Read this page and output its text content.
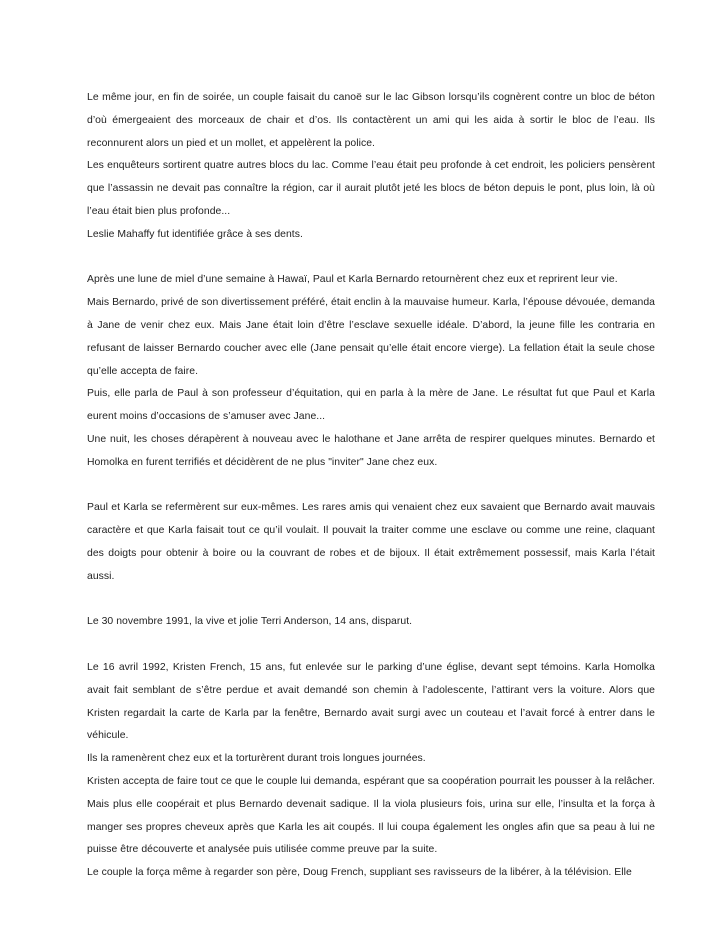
Le même jour, en fin de soirée, un couple faisait du canoë sur le lac Gibson lorsqu’ils cognèrent contre un bloc de béton d’où émergeaient des morceaux de chair et d’os. Ils contactèrent un ami qui les aida à sortir le bloc de l’eau. Ils reconnurent alors un pied et un mollet, et appelèrent la police.

Les enquêteurs sortirent quatre autres blocs du lac. Comme l’eau était peu profonde à cet endroit, les policiers pensèrent que l’assassin ne devait pas connaître la région, car il aurait plutôt jeté les blocs de béton depuis le pont, plus loin, là où l’eau était bien plus profonde...

Leslie Mahaffy fut identifiée grâce à ses dents.

Après une lune de miel d’une semaine à Hawaï, Paul et Karla Bernardo retournèrent chez eux et reprirent leur vie.

Mais Bernardo, privé de son divertissement préféré, était enclin à la mauvaise humeur. Karla, l’épouse dévouée, demanda à Jane de venir chez eux. Mais Jane était loin d’être l’esclave sexuelle idéale. D’abord, la jeune fille les contraria en refusant de laisser Bernardo coucher avec elle (Jane pensait qu’elle était encore vierge). La fellation était la seule chose qu’elle accepta de faire.

Puis, elle parla de Paul à son professeur d’équitation, qui en parla à la mère de Jane. Le résultat fut que Paul et Karla eurent moins d’occasions de s’amuser avec Jane...

Une nuit, les choses dérapèrent à nouveau avec le halothane et Jane arrêta de respirer quelques minutes. Bernardo et Homolka en furent terrifiés et décidèrent de ne plus "inviter" Jane chez eux.

Paul et Karla se refermèrent sur eux-mêmes. Les rares amis qui venaient chez eux savaient que Bernardo avait mauvais caractère et que Karla faisait tout ce qu’il voulait. Il pouvait la traiter comme une esclave ou comme une reine, claquant des doigts pour obtenir à boire ou la couvrant de robes et de bijoux. Il était extrêmement possessif, mais Karla l’était aussi.

Le 30 novembre 1991, la vive et jolie Terri Anderson, 14 ans, disparut.

Le 16 avril 1992, Kristen French, 15 ans, fut enlevée sur le parking d’une église, devant sept témoins. Karla Homolka avait fait semblant de s’être perdue et avait demandé son chemin à l’adolescente, l’attirant vers la voiture. Alors que Kristen regardait la carte de Karla par la fenêtre, Bernardo avait surgi avec un couteau et l’avait forcé à entrer dans le véhicule.

Ils la ramenèrent chez eux et la torturèrent durant trois longues journées.

Kristen accepta de faire tout ce que le couple lui demanda, espérant que sa coopération pourrait les pousser à la relâcher. Mais plus elle coopérait et plus Bernardo devenait sadique. Il la viola plusieurs fois, urina sur elle, l’insulta et la força à manger ses propres cheveux après que Karla les ait coupés. Il lui coupa également les ongles afin que sa peau à lui ne puisse être découverte et analysée puis utilisée comme preuve par la suite.

Le couple la força même à regarder son père, Doug French, suppliant ses ravisseurs de la libérer, à la télévision. Elle
